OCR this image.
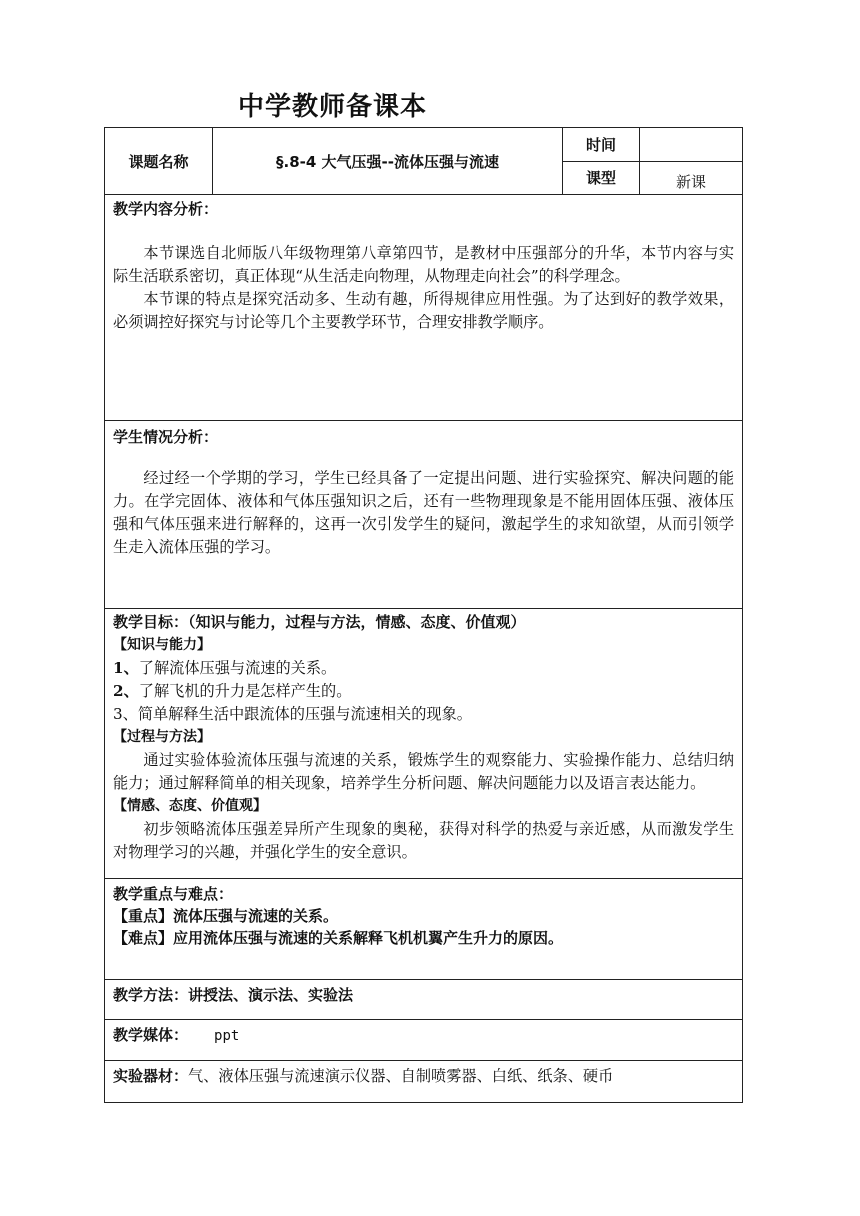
中学教师备课本
课题名称	§.8-4 大气压强--流体压强与流速
时间
课型	新课
教学内容分析：

本节课选自北师版八年级物理第八章第四节，是教材中压强部分的升华，本节内容与实际生活联系密切，真正体现“从生活走向物理，从物理走向社会”的科学理念。

本节课的特点是探究活动多、生动有趣，所得规律应用性强。为了达到好的教学效果，必须调控好探究与讨论等几个主要教学环节，合理安排教学顺序。

学生情况分析：

经过经一个学期的学习，学生已经具备了一定提出问题、进行实验探究、解决问题的能力。在学完固体、液体和气体压强知识之后，还有一些物理现象是不能用固体压强、液体压强和气体压强来进行解释的，这再一次引发学生的疑问，激起学生的求知欲望，从而引领学生走入流体压强的学习。

教学目标：（知识与能力，过程与方法，情感、态度、价值观）

【知识与能力】

1、了解流体压强与流速的关系。

2、了解飞机的升力是怎样产生的。

3、简单解释生活中跟流体的压强与流速相关的现象。

【过程与方法】

通过实验体验流体压强与流速的关系，锻炼学生的观察能力、实验操作能力、总结归纳能力；通过解释简单的相关现象，培养学生分析问题、解决问题能力以及语言表达能力。

【情感、态度、价值观】

初步领略流体压强差异所产生现象的奥秘，获得对科学的热爱与亲近感，从而激发学生对物理学习的兴趣，并强化学生的安全意识。

教学重点与难点：

【重点】流体压强与流速的关系。

【难点】应用流体压强与流速的关系解释飞机机翼产生升力的原因。

教学方法：讲授法、演示法、实验法

教学媒体： ppt

实验器材：气、液体压强与流速演示仪器、自制喷雾器、白纸、纸条、硬币
